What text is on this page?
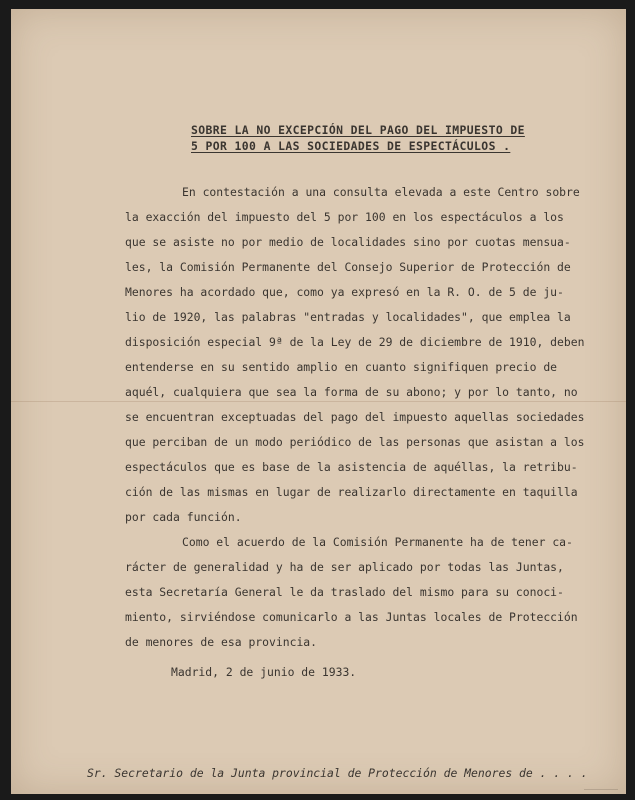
SOBRE LA NO EXCEPCIÓN DEL PAGO DEL IMPUESTO DE

5 POR 100 A LAS SOCIEDADES DE ESPECTÁCULOS .

En contestación a una consulta elevada a este Centro sobre

la exacción del impuesto del 5 por 100 en los espectáculos a los

que se asiste no por medio de localidades sino por cuotas mensua-

les, la Comisión Permanente del Consejo Superior de Protección de

Menores ha acordado que, como ya expresó en la R. O. de 5 de ju-

lio de 1920, las palabras "entradas y localidades", que emplea la

disposición especial 9ª de la Ley de 29 de diciembre de 1910, deben

entenderse en su sentido amplio en cuanto signifiquen precio de

aquél, cualquiera que sea la forma de su abono; y por lo tanto, no

se encuentran exceptuadas del pago del impuesto aquellas sociedades

que perciban de un modo periódico de las personas que asistan a los

espectáculos que es base de la asistencia de aquéllas, la retribu-

ción de las mismas en lugar de realizarlo directamente en taquilla

por cada función.

Como el acuerdo de la Comisión Permanente ha de tener ca-

rácter de generalidad y ha de ser aplicado por todas las Juntas,

esta Secretaría General le da traslado del mismo para su conoci-

miento, sirviéndose comunicarlo a las Juntas locales de Protección

de menores de esa provincia.

Madrid, 2 de junio de 1933.

Sr. Secretario de la Junta provincial de Protección de Menores de . . . .
